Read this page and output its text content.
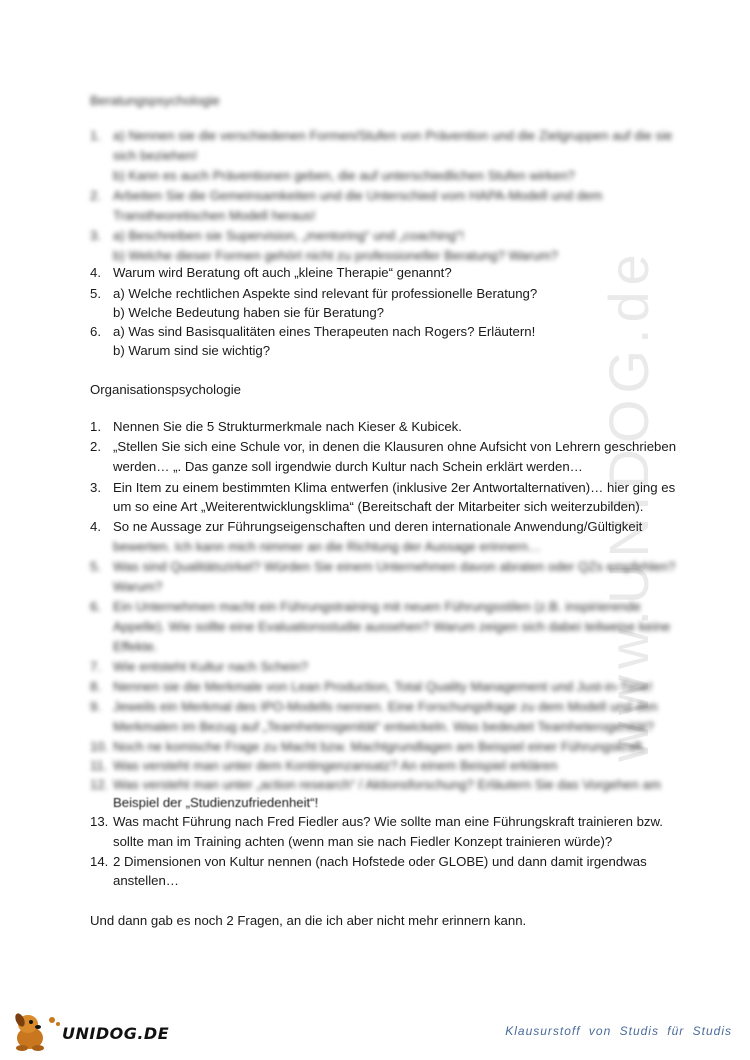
www.UNIDOG.de
Beratungspsychologie
1. a) Nennen sie die verschiedenen Formen/Stufen von Prävention und die Zielgruppen auf die sie
sich beziehen!
b) Kann es auch Präventionen geben, die auf unterschiedlichen Stufen wirken?
2. Arbeiten Sie die Gemeinsamkeiten und die Unterschied vom HAPA-Modell und dem
Transtheoretischen Modell heraus!
3. a) Beschreiben sie Supervision, „mentoring“ und „coaching“!
b) Welche dieser Formen gehört nicht zu professioneller Beratung? Warum?
4. Warum wird Beratung oft auch „kleine Therapie“ genannt?
5. a) Welche rechtlichen Aspekte sind relevant für professionelle Beratung?
b) Welche Bedeutung haben sie für Beratung?
6. a) Was sind Basisqualitäten eines Therapeuten nach Rogers? Erläutern!
b) Warum sind sie wichtig?
Organisationspsychologie
1. Nennen Sie die 5 Strukturmerkmale nach Kieser & Kubicek.
2. „Stellen Sie sich eine Schule vor, in denen die Klausuren ohne Aufsicht von Lehrern geschrieben
werden… „. Das ganze soll irgendwie durch Kultur nach Schein erklärt werden…
3. Ein Item zu einem bestimmten Klima entwerfen (inklusive 2er Antwortalternativen)… hier ging es
um so eine Art „Weiterentwicklungsklima“ (Bereitschaft der Mitarbeiter sich weiterzubilden).
4. So ne Aussage zur Führungseigenschaften und deren internationale Anwendung/Gültigkeit
bewerten. Ich kann mich nimmer an die Richtung der Aussage erinnern…
5. Was sind Qualitätszirkel? Würden Sie einem Unternehmen davon abraten oder QZs empfehlen?
Warum?
6. Ein Unternehmen macht ein Führungstraining mit neuen Führungsstilen (z.B. inspirierende
Appelle). Wie sollte eine Evaluationsstudie aussehen? Warum zeigen sich dabei teilweise keine
Effekte.
7. Wie entsteht Kultur nach Schein?
8. Nennen sie die Merkmale von Lean Production, Total Quality Management und Just-in-Time!
9. Jeweils ein Merkmal des IPO-Modells nennen. Eine Forschungsfrage zu dem Modell und den
Merkmalen im Bezug auf „Teamheterogenität“ entwickeln. Was bedeutet Teamheterogenität?
10. Noch ne komische Frage zu Macht bzw. Machtgrundlagen am Beispiel einer Führungskraft.
11. Was versteht man unter dem Kontingenzansatz? An einem Beispiel erklären
12. Was versteht man unter „action research“ / Aktionsforschung? Erläutern Sie das Vorgehen am
Beispiel der „Studienzufriedenheit“!
13. Was macht Führung nach Fred Fiedler aus? Wie sollte man eine Führungskraft trainieren bzw.
sollte man im Training achten (wenn man sie nach Fiedler Konzept trainieren würde)?
14. 2 Dimensionen von Kultur nennen (nach Hofstede oder GLOBE) und dann damit irgendwas
anstellen…
Und dann gab es noch 2 Fragen, an die ich aber nicht mehr erinnern kann.
UNIDOG.DE	Klausurstoff von Studis für Studis
